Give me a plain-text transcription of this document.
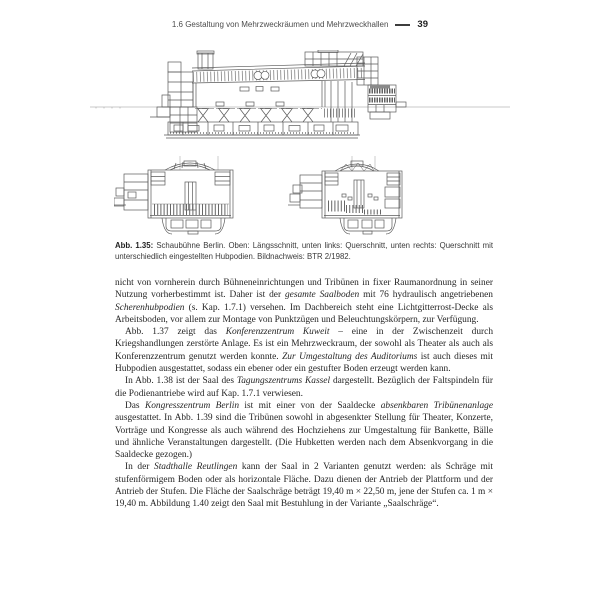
1.6 Gestaltung von Mehrzweckräumen und Mehrzweckhallen	39
Abb. 1.35: Schaubühne Berlin. Oben: Längsschnitt, unten links: Querschnitt, unten rechts: Querschnitt mit unterschiedlich eingestellten Hubpodien. Bildnachweis: BTR 2/1982.

nicht von vornherein durch Bühneneinrichtungen und Tribünen in fixer Raumanordnung in seiner Nutzung vorherbestimmt ist. Daher ist der gesamte Saalboden mit 76 hydraulisch angetriebenen Scherenhubpodien (s. Kap. 1.7.1) versehen. Im Dachbereich steht eine Lichtgitterrost-Decke als Arbeitsboden, vor allem zur Montage von Punktzügen und Beleuchtungskörpern, zur Verfügung.

Abb. 1.37 zeigt das Konferenzzentrum Kuweit – eine in der Zwischenzeit durch Kriegshandlungen zerstörte Anlage. Es ist ein Mehrzweckraum, der sowohl als Theater als auch als Konferenzzentrum genutzt werden konnte. Zur Umgestaltung des Auditoriums ist auch dieses mit Hubpodien ausgestattet, sodass ein ebener oder ein gestufter Boden erzeugt werden kann.

In Abb. 1.38 ist der Saal des Tagungszentrums Kassel dargestellt. Bezüglich der Faltspindeln für die Podienantriebe wird auf Kap. 1.7.1 verwiesen.

Das Kongresszentrum Berlin ist mit einer von der Saaldecke absenkbaren Tribünenanlage ausgestattet. In Abb. 1.39 sind die Tribünen sowohl in abgesenkter Stellung für Theater, Konzerte, Vorträge und Kongresse als auch während des Hochziehens zur Umgestaltung für Bankette, Bälle und ähnliche Veranstaltungen dargestellt. (Die Hubketten werden nach dem Absenkvorgang in die Saaldecke gezogen.)

In der Stadthalle Reutlingen kann der Saal in 2 Varianten genutzt werden: als Schräge mit stufenförmigem Boden oder als horizontale Fläche. Dazu dienen der Antrieb der Plattform und der Antrieb der Stufen. Die Fläche der Saalschräge beträgt 19,40 m × 22,50 m, jene der Stufen ca. 1 m × 19,40 m. Abbildung 1.40 zeigt den Saal mit Bestuhlung in der Variante „Saalschräge“.
